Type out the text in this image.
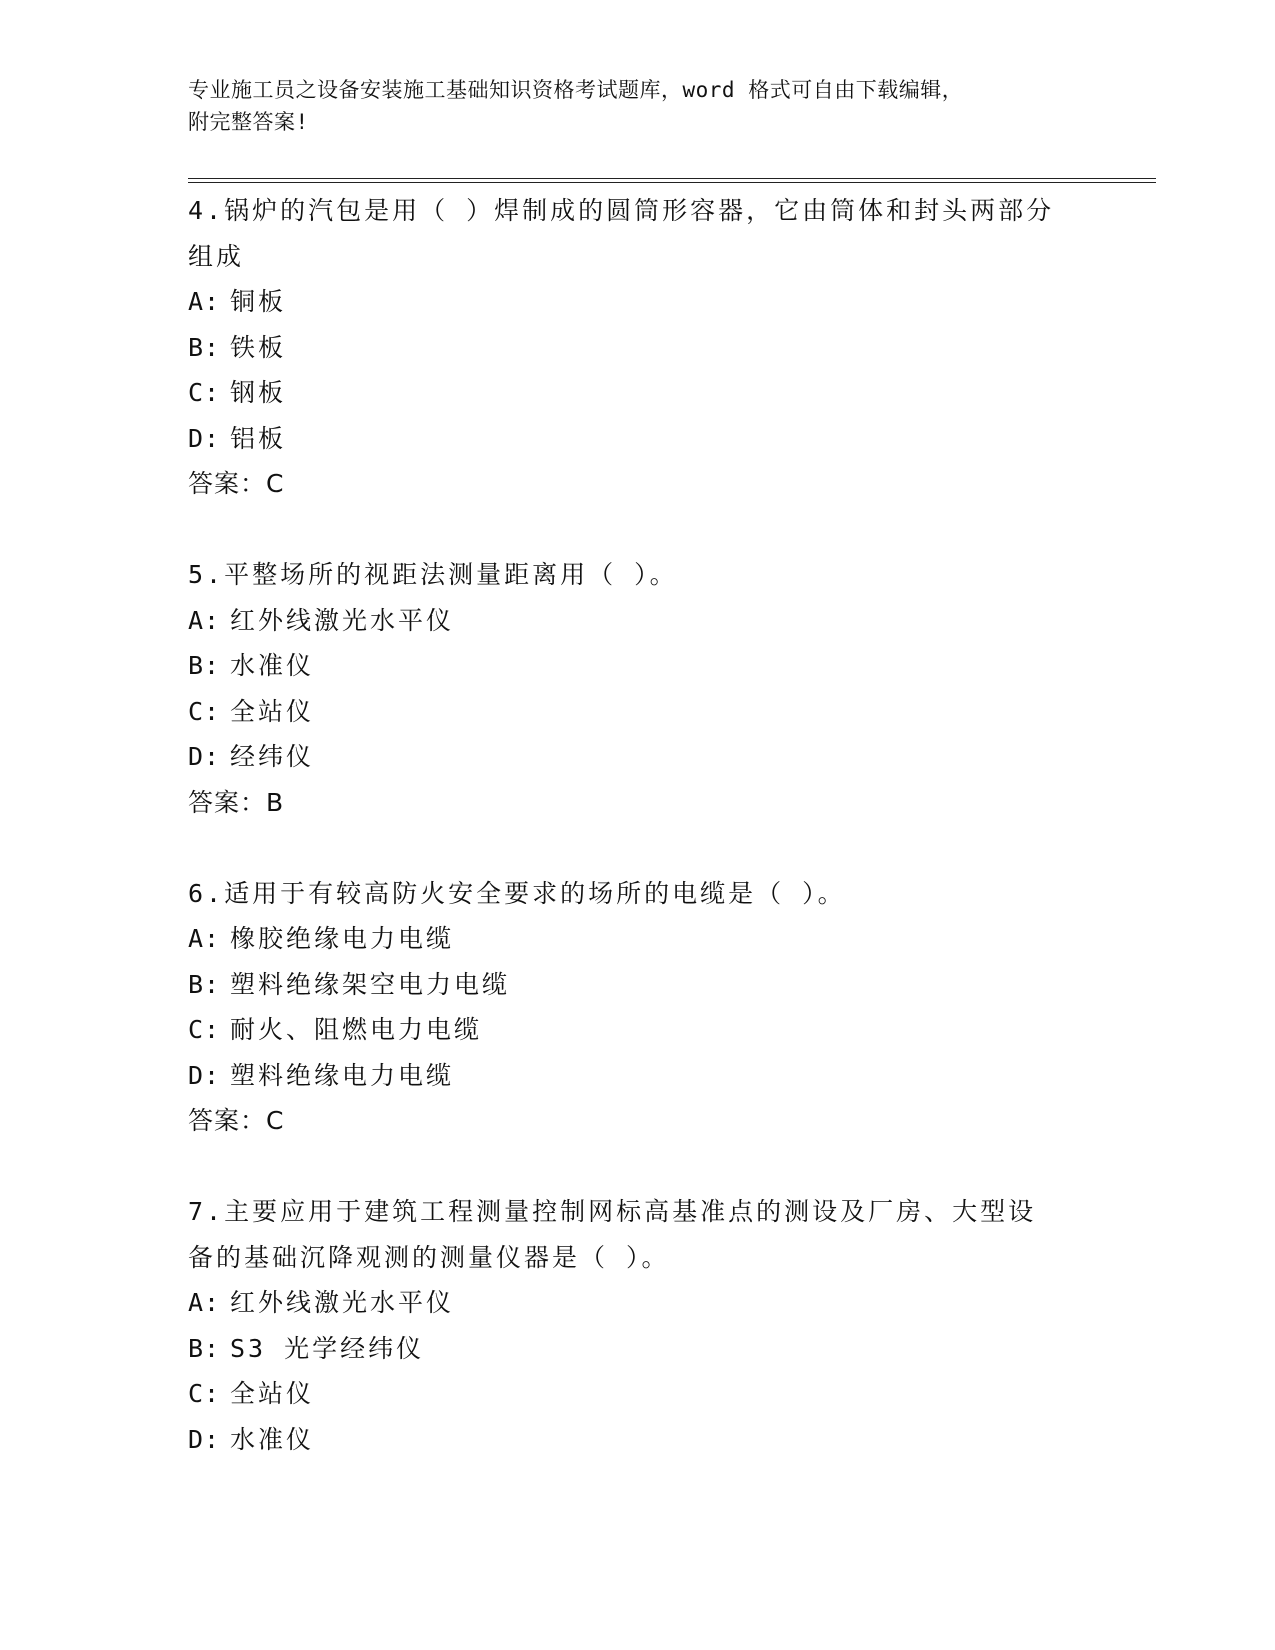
专业施工员之设备安装施工基础知识资格考试题库，word 格式可自由下载编辑，
附完整答案!
4.锅炉的汽包是用（ ）焊制成的圆筒形容器，它由筒体和封头两部分
组成
A: 铜板
B: 铁板
C: 钢板
D: 铝板
答案：C
5.平整场所的视距法测量距离用（ ）。
A: 红外线激光水平仪
B: 水准仪
C: 全站仪
D: 经纬仪
答案：B
6.适用于有较高防火安全要求的场所的电缆是（ ）。
A: 橡胶绝缘电力电缆
B: 塑料绝缘架空电力电缆
C: 耐火、阻燃电力电缆
D: 塑料绝缘电力电缆
答案：C
7.主要应用于建筑工程测量控制网标高基准点的测设及厂房、大型设
备的基础沉降观测的测量仪器是（ ）。
A: 红外线激光水平仪
B: S3 光学经纬仪
C: 全站仪
D: 水准仪
